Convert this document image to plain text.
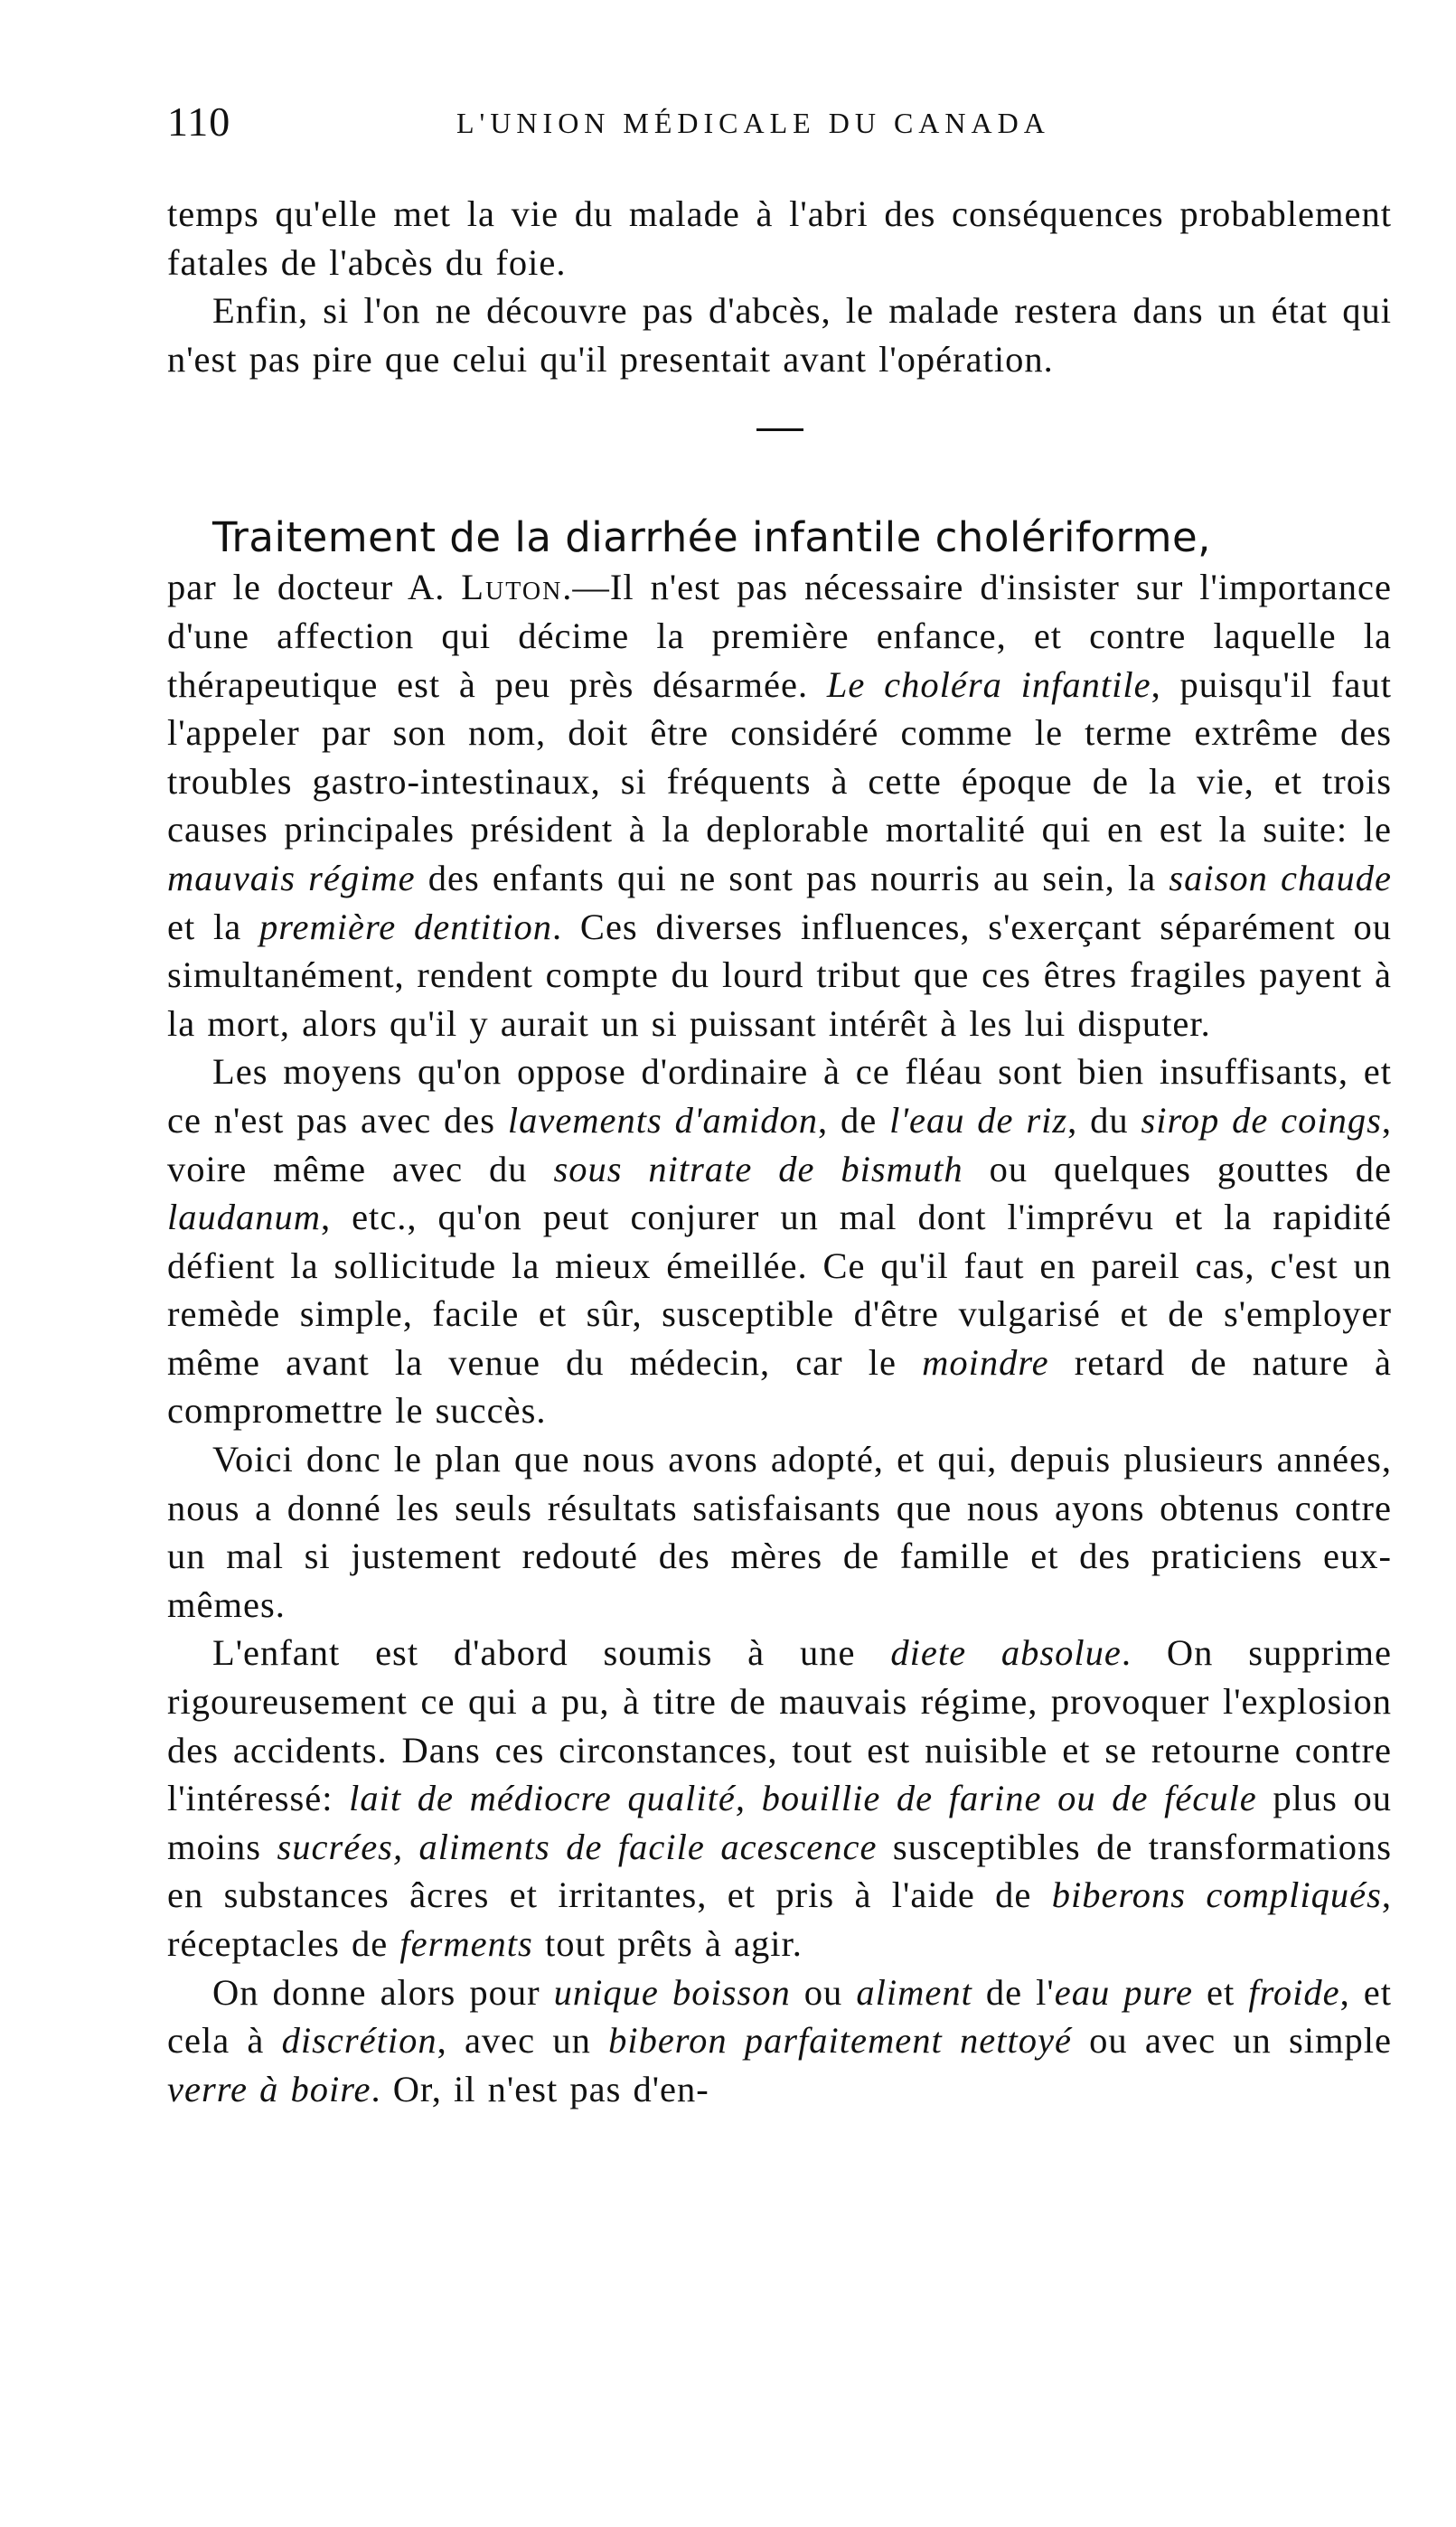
110	L'UNION MÉDICALE DU CANADA

temps qu'elle met la vie du malade à l'abri des conséquences probablement fatales de l'abcès du foie.

Enfin, si l'on ne découvre pas d'abcès, le malade restera dans un état qui n'est pas pire que celui qu'il presentait avant l'opération.

Traitement de la diarrhée infantile cholériforme,

par le docteur A. Luton.—Il n'est pas nécessaire d'insister sur l'importance d'une affection qui décime la première enfance, et contre laquelle la thérapeutique est à peu près désarmée. Le choléra infantile, puisqu'il faut l'appeler par son nom, doit être considéré comme le terme extrême des troubles gastro-intestinaux, si fréquents à cette époque de la vie, et trois causes principales président à la deplorable mortalité qui en est la suite: le mauvais régime des enfants qui ne sont pas nourris au sein, la saison chaude et la première dentition. Ces diverses influences, s'exerçant séparément ou simultanément, rendent compte du lourd tribut que ces êtres fragiles payent à la mort, alors qu'il y aurait un si puissant intérêt à les lui disputer.

Les moyens qu'on oppose d'ordinaire à ce fléau sont bien insuffisants, et ce n'est pas avec des lavements d'amidon, de l'eau de riz, du sirop de coings, voire même avec du sous nitrate de bismuth ou quelques gouttes de laudanum, etc., qu'on peut conjurer un mal dont l'imprévu et la rapidité défient la sollicitude la mieux émeillée. Ce qu'il faut en pareil cas, c'est un remède simple, facile et sûr, susceptible d'être vulgarisé et de s'employer même avant la venue du médecin, car le moindre retard de nature à compromettre le succès.

Voici donc le plan que nous avons adopté, et qui, depuis plusieurs années, nous a donné les seuls résultats satisfaisants que nous ayons obtenus contre un mal si justement redouté des mères de famille et des praticiens eux-mêmes.

L'enfant est d'abord soumis à une diete absolue. On supprime rigoureusement ce qui a pu, à titre de mauvais régime, provoquer l'explosion des accidents. Dans ces circonstances, tout est nuisible et se retourne contre l'intéressé: lait de médiocre qualité, bouillie de farine ou de fécule plus ou moins sucrées, aliments de facile acescence susceptibles de transformations en substances âcres et irritantes, et pris à l'aide de biberons compliqués, réceptacles de ferments tout prêts à agir.

On donne alors pour unique boisson ou aliment de l'eau pure et froide, et cela à discrétion, avec un biberon parfaitement nettoyé ou avec un simple verre à boire. Or, il n'est pas d'en-
